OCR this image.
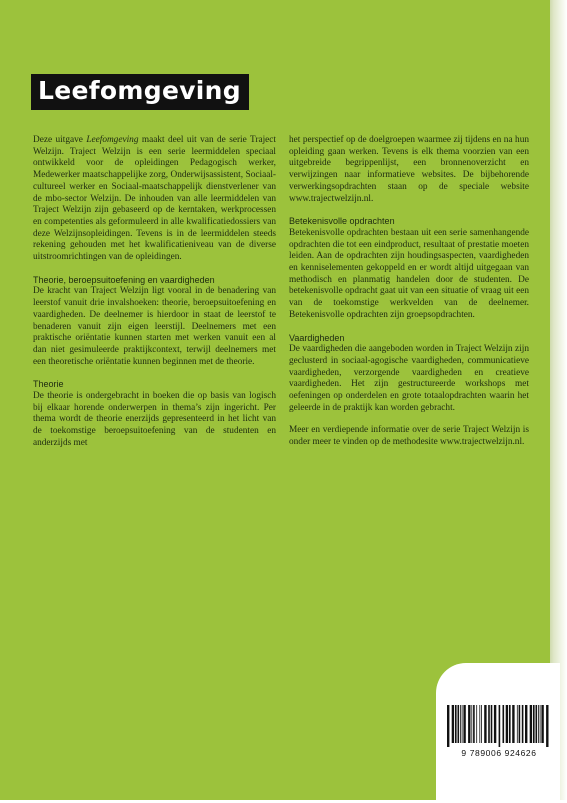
Leefomgeving

Deze uitgave Leefomgeving maakt deel uit van de serie Traject Welzijn. Traject Welzijn is een serie leermiddelen speciaal ontwikkeld voor de opleidingen Pedagogisch werker, Medewerker maatschappelijke zorg, Onderwijsassistent, Sociaal-cultureel werker en Sociaal-maatschappelijk dienstverlener van de mbo-sector Welzijn. De inhouden van alle leermiddelen van Traject Welzijn zijn gebaseerd op de kerntaken, werkprocessen en competenties als geformuleerd in alle kwalificatiedossiers van deze Welzijnsopleidingen. Tevens is in de leermiddelen steeds rekening gehouden met het kwalificatieniveau van de diverse uitstroomrichtingen van de opleidingen.

Theorie, beroepsuitoefening en vaardigheden

De kracht van Traject Welzijn ligt vooral in de benadering van leerstof vanuit drie invalshoeken: theorie, beroepsuitoefening en vaardigheden. De deelnemer is hierdoor in staat de leerstof te benaderen vanuit zijn eigen leerstijl. Deelnemers met een praktische oriëntatie kunnen starten met werken vanuit een al dan niet gesimuleerde praktijkcontext, terwijl deelnemers met een theoretische oriëntatie kunnen beginnen met de theorie.

Theorie

De theorie is ondergebracht in boeken die op basis van logisch bij elkaar horende onderwerpen in thema’s zijn ingericht. Per thema wordt de theorie enerzijds gepresenteerd in het licht van de toekomstige beroepsuitoefening van de studenten en anderzijds met

het perspectief op de doelgroepen waarmee zij tijdens en na hun opleiding gaan werken. Tevens is elk thema voorzien van een uitgebreide begrippenlijst, een bronnenoverzicht en verwijzingen naar informatieve websites. De bijbehorende verwerkingsopdrachten staan op de speciale website www.trajectwelzijn.nl.

Betekenisvolle opdrachten

Betekenisvolle opdrachten bestaan uit een serie samenhangende opdrachten die tot een eindproduct, resultaat of prestatie moeten leiden. Aan de opdrachten zijn houdingsaspecten, vaardigheden en kenniselementen gekoppeld en er wordt altijd uitgegaan van methodisch en planmatig handelen door de studenten. De betekenisvolle opdracht gaat uit van een situatie of vraag uit een van de toekomstige werkvelden van de deelnemer. Betekenisvolle opdrachten zijn groepsopdrachten.

Vaardigheden

De vaardigheden die aangeboden worden in Traject Welzijn zijn geclusterd in sociaal-agogische vaardigheden, communicatieve vaardigheden, verzorgende vaardigheden en creatieve vaardigheden. Het zijn gestructureerde workshops met oefeningen op onderdelen en grote totaalopdrachten waarin het geleerde in de praktijk kan worden gebracht.

Meer en verdiepende informatie over de serie Traject Welzijn is onder meer te vinden op de methodesite www.trajectwelzijn.nl.

9 789006 924626
